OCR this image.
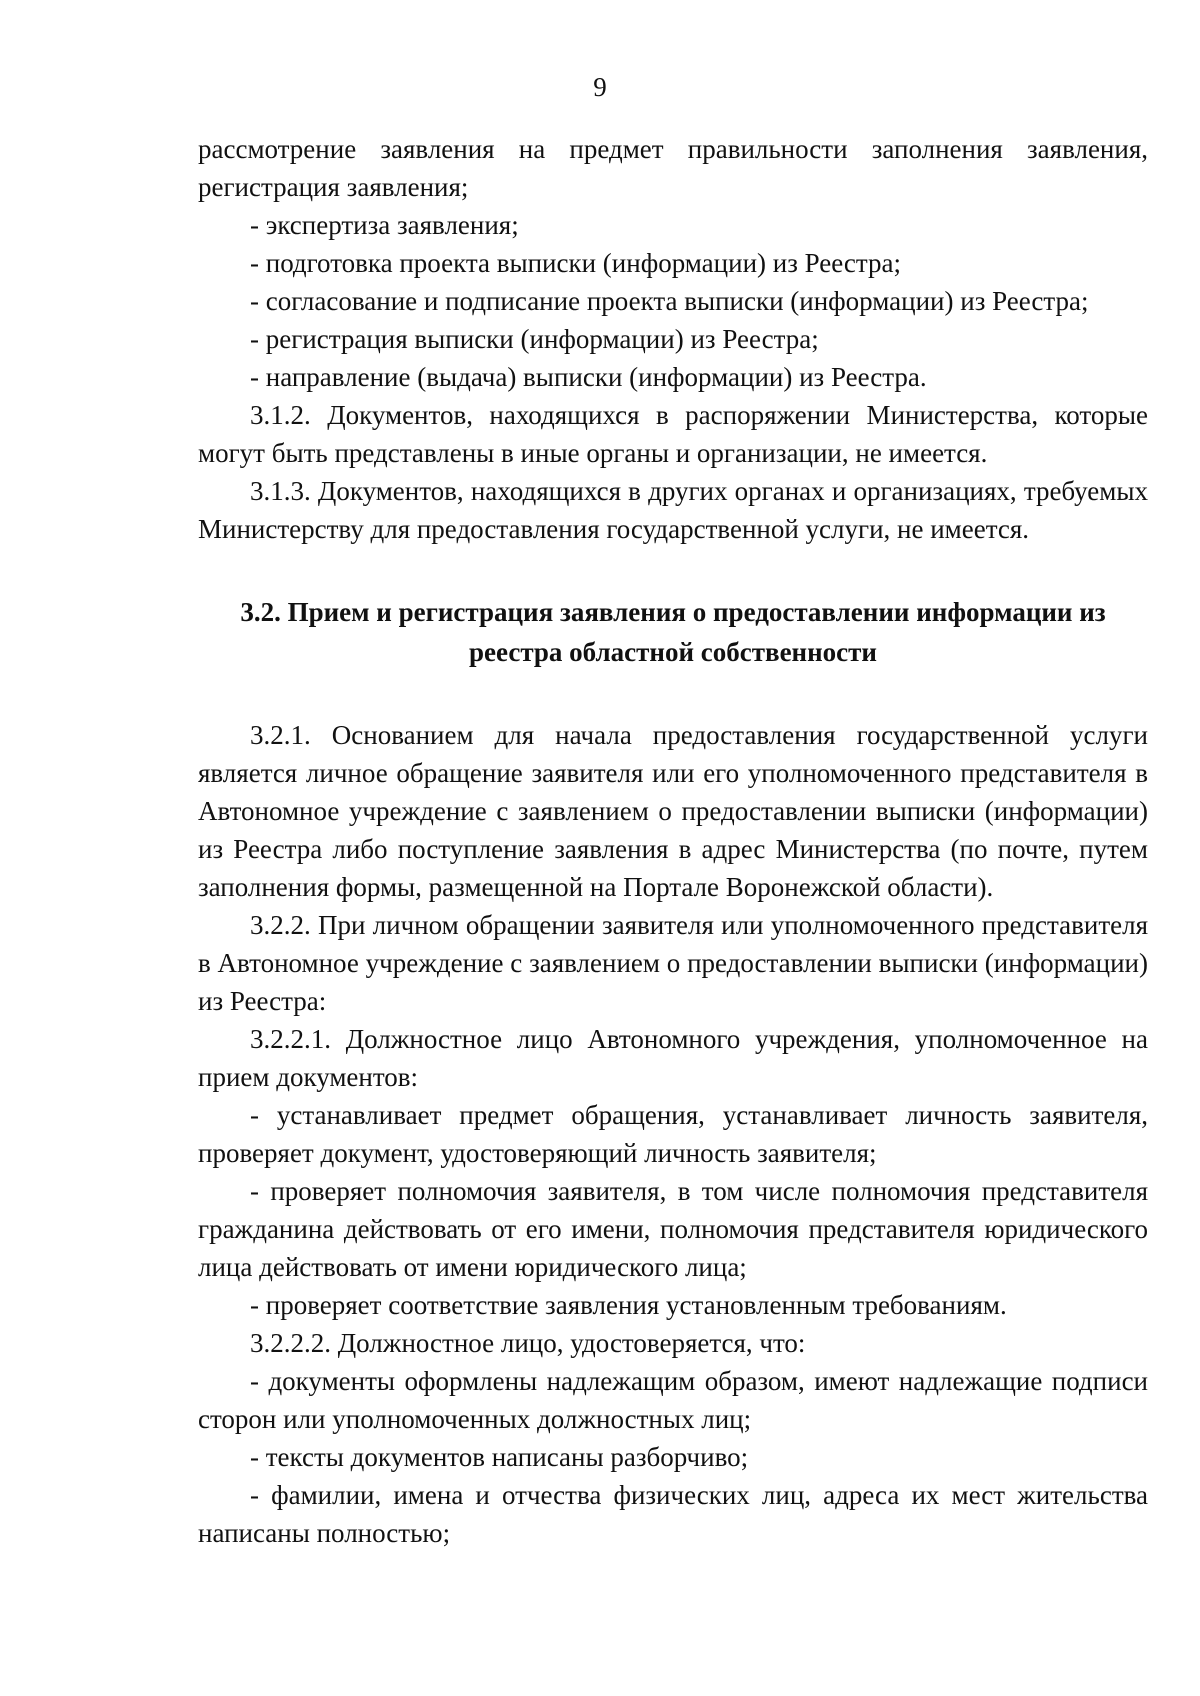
9

рассмотрение заявления на предмет правильности заполнения заявления, регистрация заявления;

- экспертиза заявления;

- подготовка проекта выписки (информации) из Реестра;

- согласование и подписание проекта выписки (информации) из Реестра;

- регистрация выписки (информации) из Реестра;

- направление (выдача) выписки (информации) из Реестра.

3.1.2. Документов, находящихся в распоряжении Министерства, которые могут быть представлены в иные органы и организации, не имеется.

3.1.3. Документов, находящихся в других органах и организациях, требуемых Министерству для предоставления государственной услуги, не имеется.

3.2. Прием и регистрация заявления о предоставлении информации из реестра областной собственности

3.2.1. Основанием для начала предоставления государственной услуги является личное обращение заявителя или его уполномоченного представителя в Автономное учреждение с заявлением о предоставлении выписки (информации) из Реестра либо поступление заявления в адрес Министерства (по почте, путем заполнения формы, размещенной на Портале Воронежской области).

3.2.2. При личном обращении заявителя или уполномоченного представителя в Автономное учреждение с заявлением о предоставлении выписки (информации) из Реестра:

3.2.2.1. Должностное лицо Автономного учреждения, уполномоченное на прием документов:

- устанавливает предмет обращения, устанавливает личность заявителя, проверяет документ, удостоверяющий личность заявителя;

- проверяет полномочия заявителя, в том числе полномочия представителя гражданина действовать от его имени, полномочия представителя юридического лица действовать от имени юридического лица;

- проверяет соответствие заявления установленным требованиям.

3.2.2.2. Должностное лицо, удостоверяется, что:

- документы оформлены надлежащим образом, имеют надлежащие подписи сторон или уполномоченных должностных лиц;

- тексты документов написаны разборчиво;

- фамилии, имена и отчества физических лиц, адреса их мест жительства написаны полностью;
